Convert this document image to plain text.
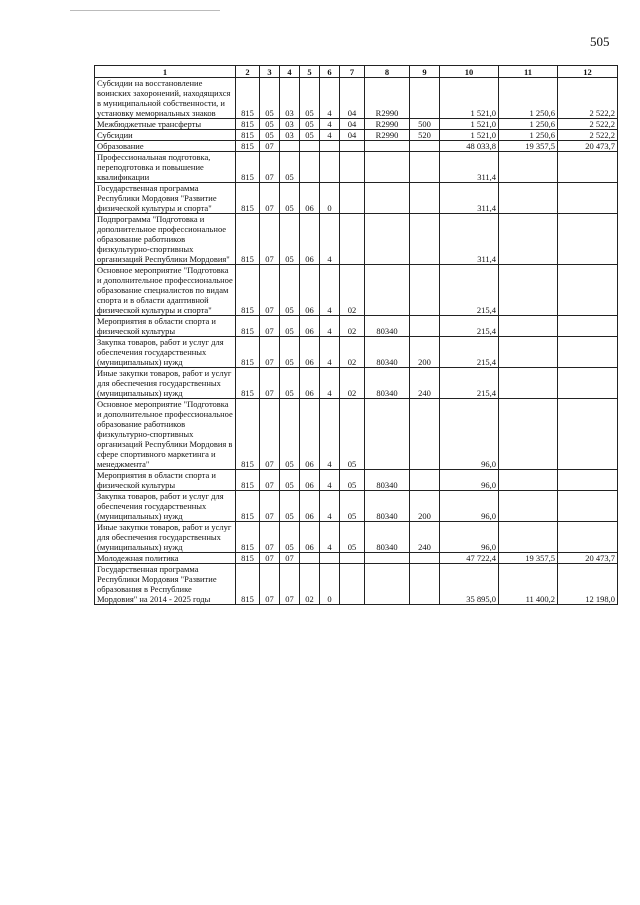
505
1	2	3	4	5	6	7	8	9	10	11	12
Субсидии на восстановление воинских захоронений, находящихся в муниципальной собственности, и установку мемориальных знаков	815	05	03	05	4	04	R2990		1 521,0	1 250,6	2 522,2
Межбюджетные трансферты	815	05	03	05	4	04	R2990	500	1 521,0	1 250,6	2 522,2
Субсидии	815	05	03	05	4	04	R2990	520	1 521,0	1 250,6	2 522,2
Образование	815	07							48 033,8	19 357,5	20 473,7
Профессиональная подготовка, переподготовка и повышение квалификации	815	07	05						311,4		
Государственная программа Республики Мордовия "Развитие физической культуры и спорта"	815	07	05	06	0				311,4		
Подпрограмма "Подготовка и дополнительное профессиональное образование работников физкультурно-спортивных организаций Республики Мордовия"	815	07	05	06	4				311,4		
Основное мероприятие "Подготовка и дополнительное профессиональное образование специалистов по видам спорта и в области адаптивной физической культуры и спорта"	815	07	05	06	4	02			215,4		
Мероприятия в области спорта и физической культуры	815	07	05	06	4	02	80340		215,4		
Закупка товаров, работ и услуг для обеспечения государственных (муниципальных) нужд	815	07	05	06	4	02	80340	200	215,4		
Иные закупки товаров, работ и услуг для обеспечения государственных (муниципальных) нужд	815	07	05	06	4	02	80340	240	215,4		
Основное мероприятие "Подготовка и дополнительное профессиональное образование работников физкультурно-спортивных организаций Республики Мордовия в сфере спортивного маркетинга и менеджмента"	815	07	05	06	4	05			96,0		
Мероприятия в области спорта и физической культуры	815	07	05	06	4	05	80340		96,0		
Закупка товаров, работ и услуг для обеспечения государственных (муниципальных) нужд	815	07	05	06	4	05	80340	200	96,0		
Иные закупки товаров, работ и услуг для обеспечения государственных (муниципальных) нужд	815	07	05	06	4	05	80340	240	96,0		
Молодежная политика	815	07	07						47 722,4	19 357,5	20 473,7
Государственная программа Республики Мордовия "Развитие образования в Республике Мордовия" на 2014 - 2025 годы	815	07	07	02	0				35 895,0	11 400,2	12 198,0
